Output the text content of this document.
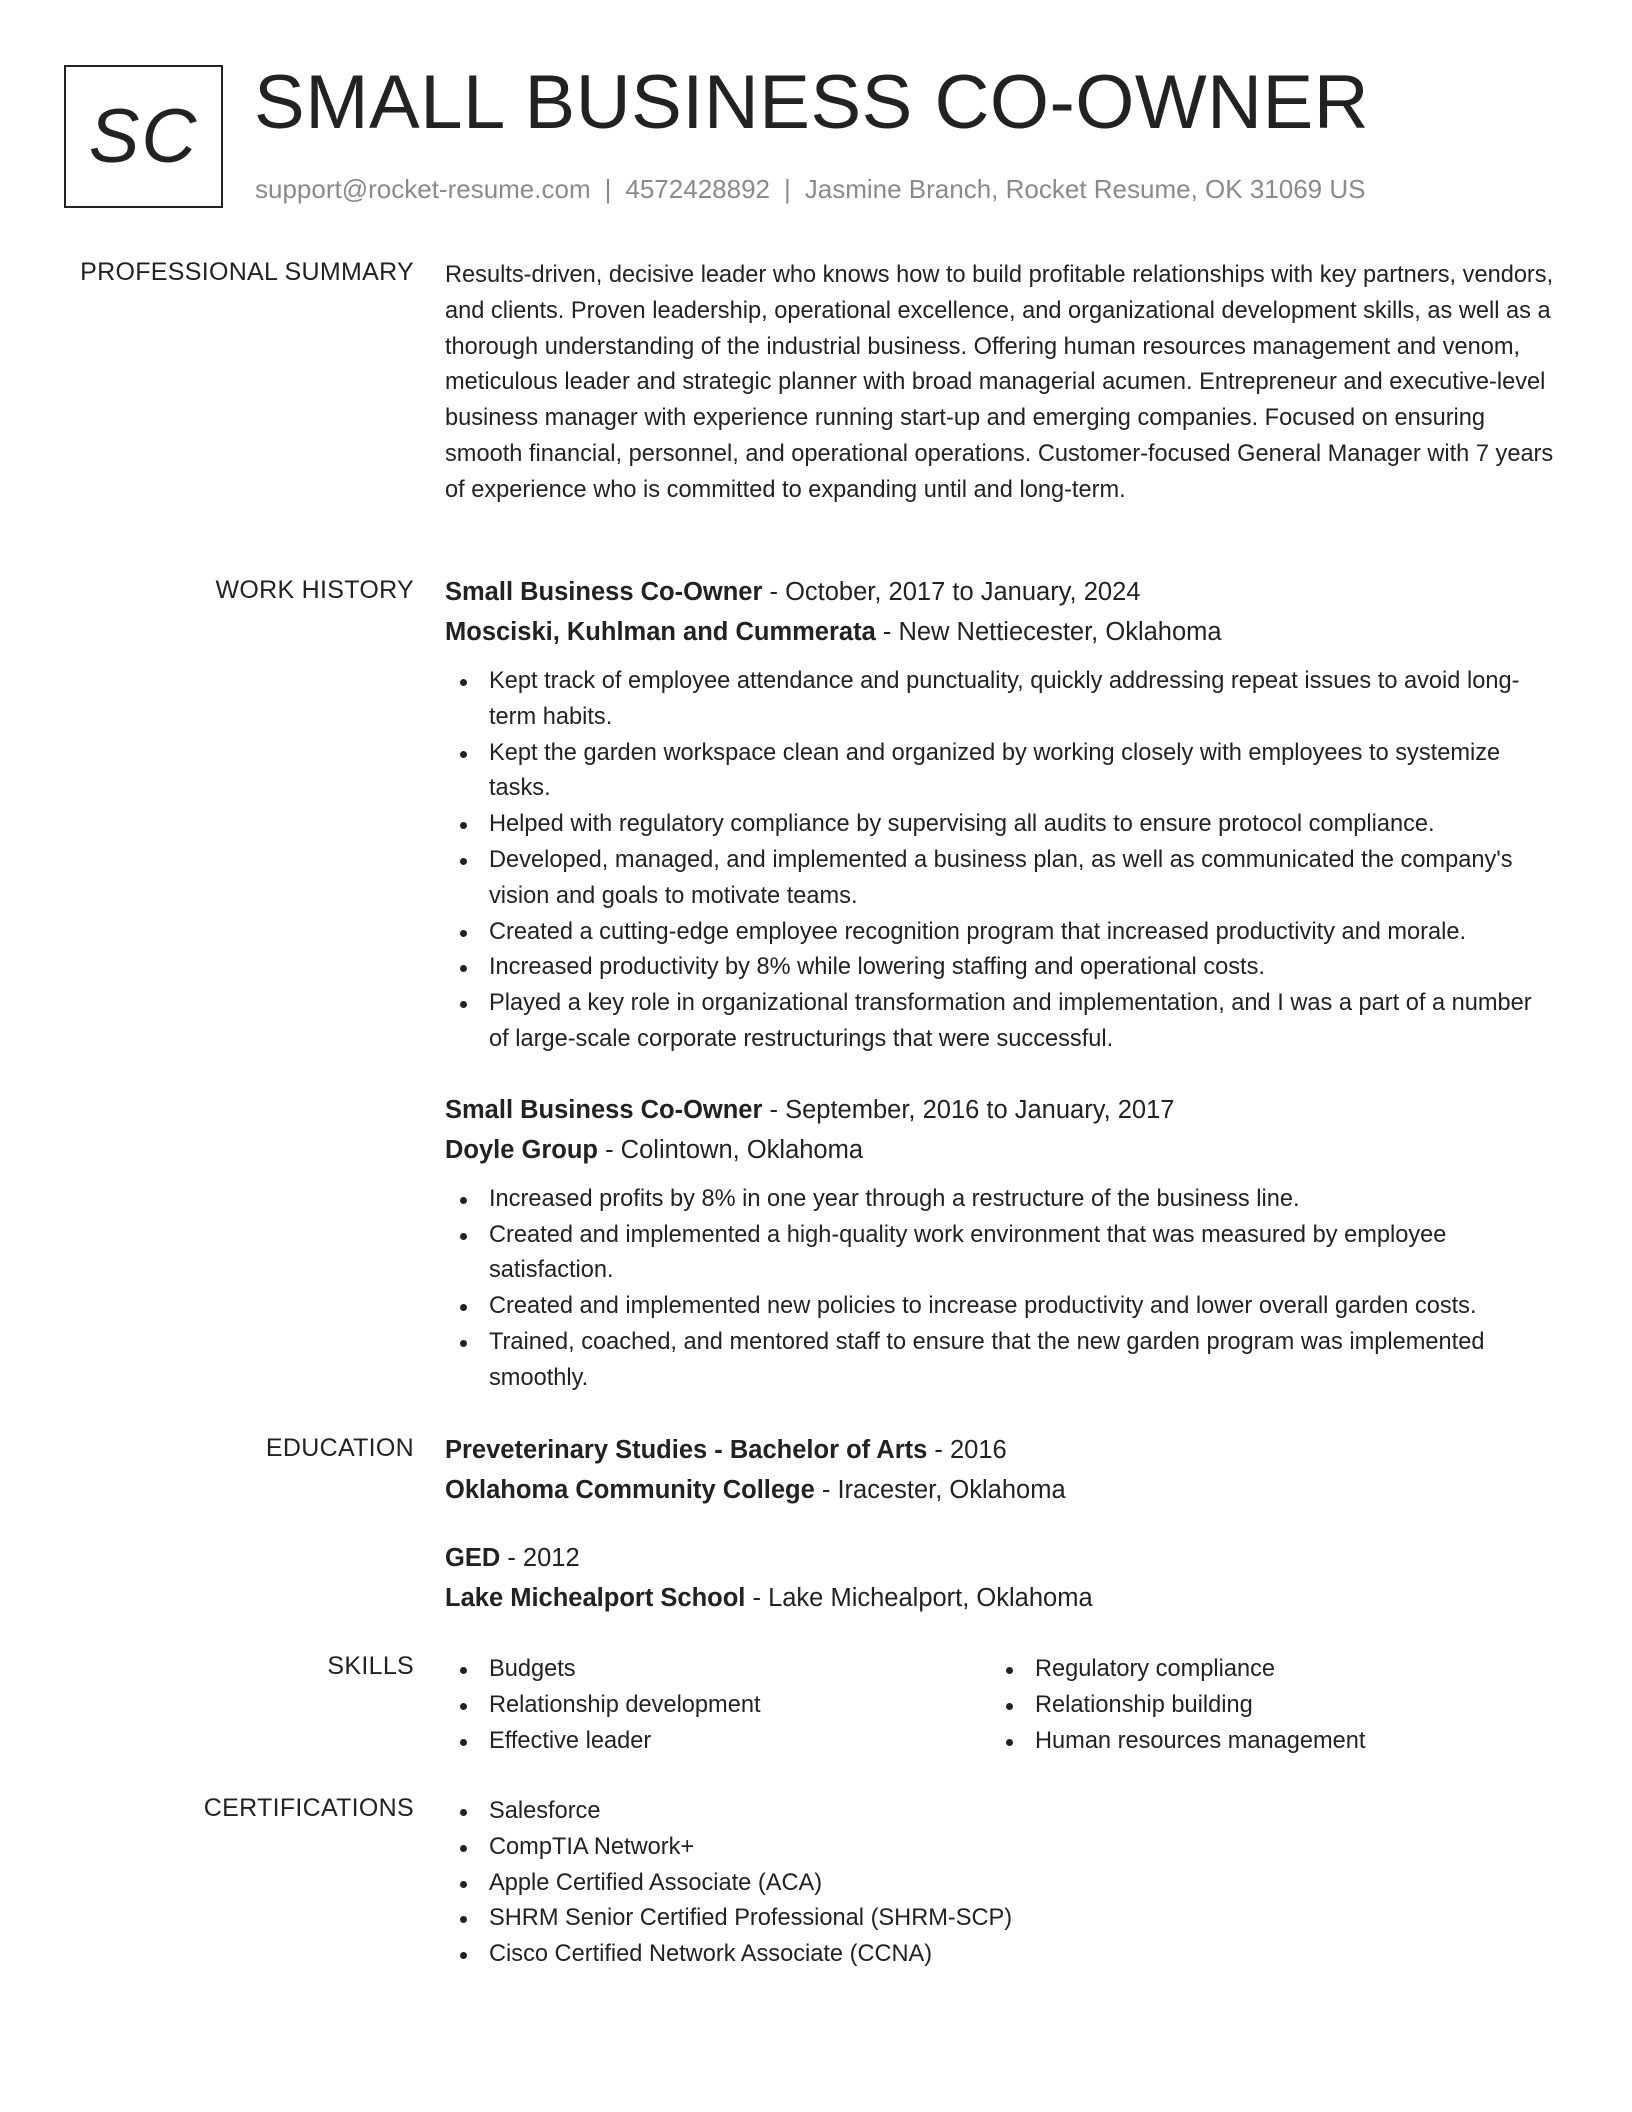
SC SMALL BUSINESS CO-OWNER
support@rocket-resume.com | 4572428892 | Jasmine Branch, Rocket Resume, OK 31069 US
PROFESSIONAL SUMMARY Results-driven, decisive leader who knows how to build profitable relationships with key partners, vendors, and clients. Proven leadership, operational excellence, and organizational development skills, as well as a thorough understanding of the industrial business. Offering human resources management and venom, meticulous leader and strategic planner with broad managerial acumen. Entrepreneur and executive-level business manager with experience running start-up and emerging companies. Focused on ensuring smooth financial, personnel, and operational operations. Customer-focused General Manager with 7 years of experience who is committed to expanding until and long-term.
WORK HISTORY Small Business Co-Owner - October, 2017 to January, 2024
Mosciski, Kuhlman and Cummerata - New Nettiecester, Oklahoma
Kept track of employee attendance and punctuality, quickly addressing repeat issues to avoid long-term habits.
Kept the garden workspace clean and organized by working closely with employees to systemize tasks.
Helped with regulatory compliance by supervising all audits to ensure protocol compliance.
Developed, managed, and implemented a business plan, as well as communicated the company's vision and goals to motivate teams.
Created a cutting-edge employee recognition program that increased productivity and morale.
Increased productivity by 8% while lowering staffing and operational costs.
Played a key role in organizational transformation and implementation, and I was a part of a number of large-scale corporate restructurings that were successful.
Small Business Co-Owner - September, 2016 to January, 2017
Doyle Group - Colintown, Oklahoma
Increased profits by 8% in one year through a restructure of the business line.
Created and implemented a high-quality work environment that was measured by employee satisfaction.
Created and implemented new policies to increase productivity and lower overall garden costs.
Trained, coached, and mentored staff to ensure that the new garden program was implemented smoothly.
EDUCATION Preveterinary Studies - Bachelor of Arts - 2016
Oklahoma Community College - Iracester, Oklahoma
GED - 2012
Lake Michealport School - Lake Michealport, Oklahoma
SKILLS	Budgets
Relationship development
Effective leader
Regulatory compliance
Relationship building
Human resources management
CERTIFICATIONS	Salesforce
CompTIA Network+
Apple Certified Associate (ACA)
SHRM Senior Certified Professional (SHRM-SCP)
Cisco Certified Network Associate (CCNA)
